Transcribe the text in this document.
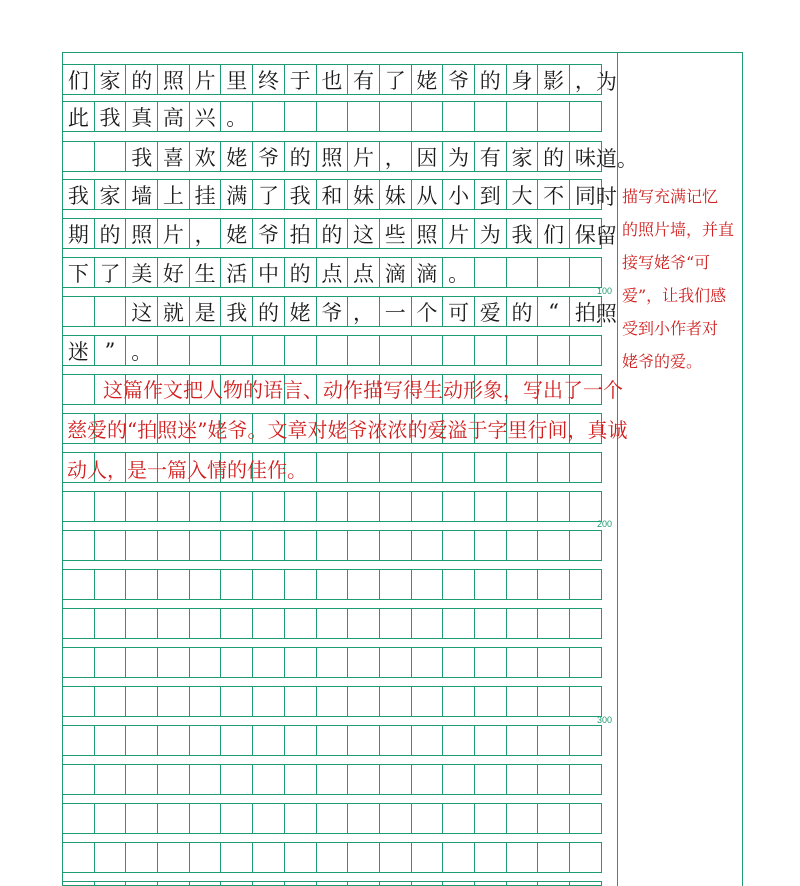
们 家 的 照 片 里 终 于 也 有 了 姥 爷 的 身 影 ， 为
此 我 真 高 兴 。
我 喜 欢 姥 爷 的 照 片 ， 因 为 有 家 的 味 道。
我 家 墙 上 挂 满 了 我 和 妹 妹 从 小 到 大 不 同 时
期 的 照 片 ， 姥 爷 拍 的 这 些 照 片 为 我 们 保 留
下 了 美 好 生 活 中 的 点 点 滴 滴 。
这 就 是 我 的 姥 爷 ， 一 个 可 爱 的 “ 拍 照
迷 ” 。
100
200
300
这篇作文把人物的语言、动作描写得生动形象，写出了一个
慈爱的“拍照迷”姥爷。文章对姥爷浓浓的爱溢于字里行间，真诚
动人，是一篇入情的佳作。
描写充满记忆
的照片墙，并直
接写姥爷“可
爱”，让我们感
受到小作者对
姥爷的爱。
